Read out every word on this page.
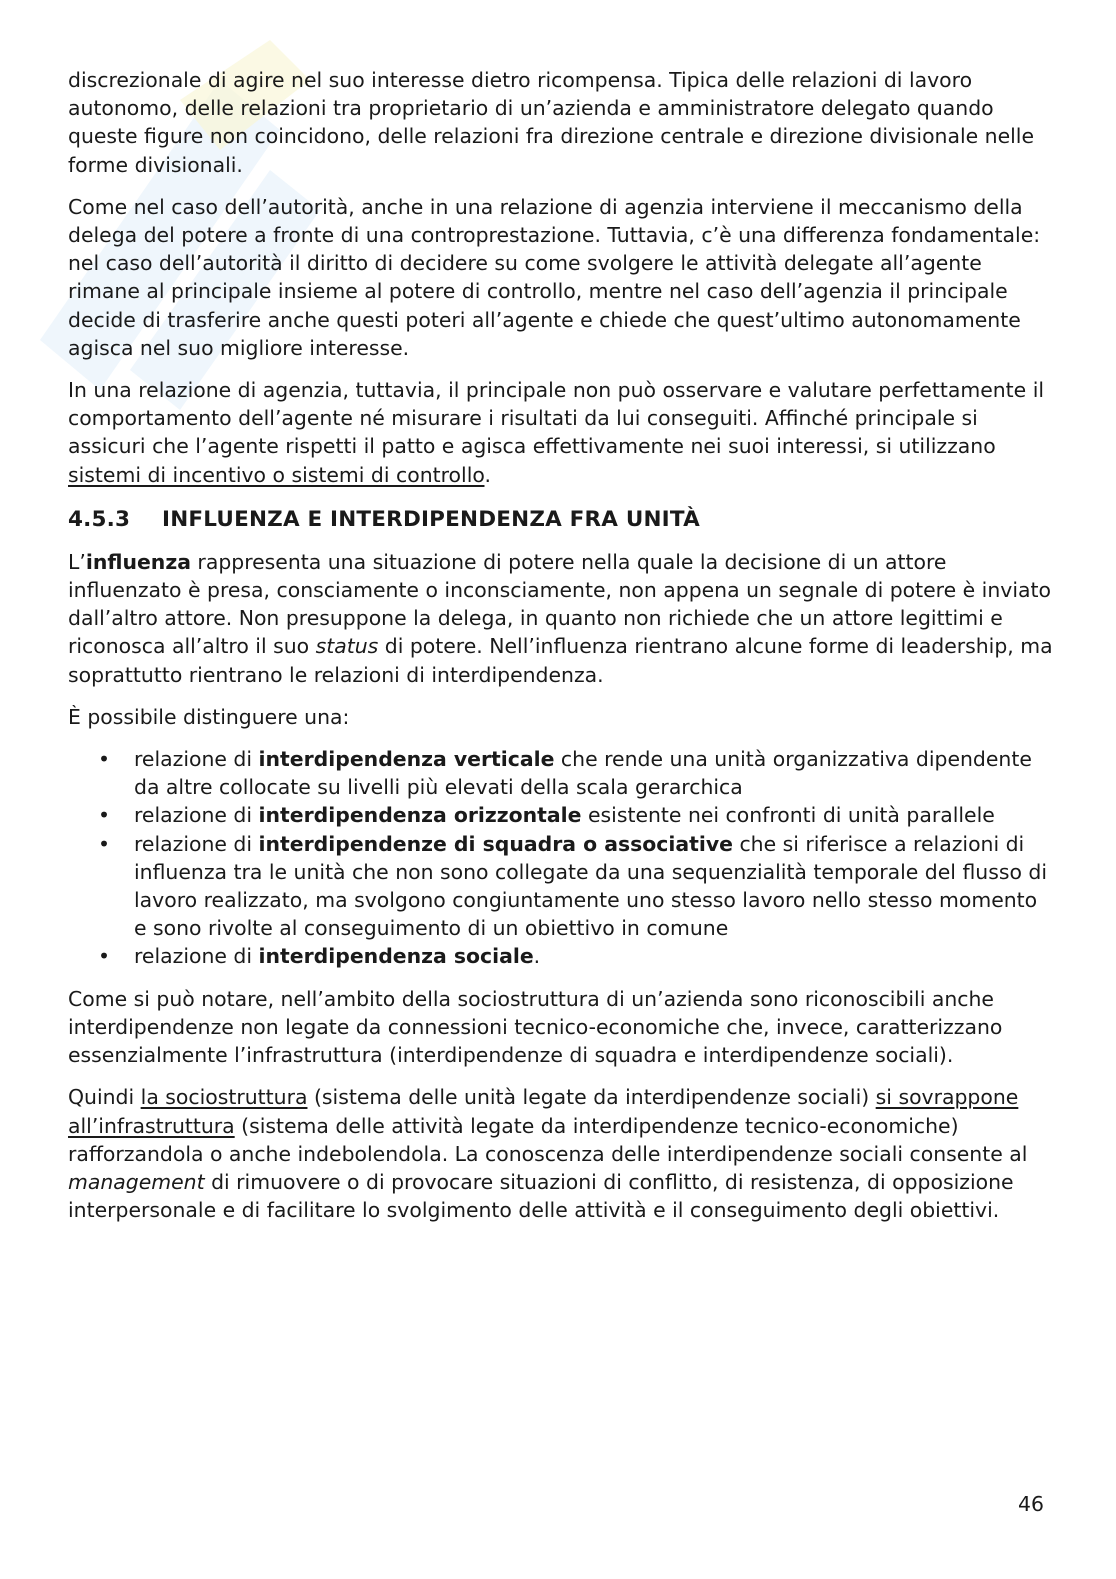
discrezionale di agire nel suo interesse dietro ricompensa. Tipica delle relazioni di lavoro autonomo, delle relazioni tra proprietario di un’azienda e amministratore delegato quando queste figure non coincidono, delle relazioni fra direzione centrale e direzione divisionale nelle forme divisionali.

Come nel caso dell’autorità, anche in una relazione di agenzia interviene il meccanismo della delega del potere a fronte di una controprestazione. Tuttavia, c’è una differenza fondamentale: nel caso dell’autorità il diritto di decidere su come svolgere le attività delegate all’agente rimane al principale insieme al potere di controllo, mentre nel caso dell’agenzia il principale decide di trasferire anche questi poteri all’agente e chiede che quest’ultimo autonomamente agisca nel suo migliore interesse.

In una relazione di agenzia, tuttavia, il principale non può osservare e valutare perfettamente il comportamento dell’agente né misurare i risultati da lui conseguiti. Affinché principale si assicuri che l’agente rispetti il patto e agisca effettivamente nei suoi interessi, si utilizzano sistemi di incentivo o sistemi di controllo.

4.5.3 INFLUENZA E INTERDIPENDENZA FRA UNITÀ

L’influenza rappresenta una situazione di potere nella quale la decisione di un attore influenzato è presa, consciamente o inconsciamente, non appena un segnale di potere è inviato dall’altro attore. Non presuppone la delega, in quanto non richiede che un attore legittimi e riconosca all’altro il suo status di potere. Nell’influenza rientrano alcune forme di leadership, ma soprattutto rientrano le relazioni di interdipendenza.

È possibile distinguere una:

• relazione di interdipendenza verticale che rende una unità organizzativa dipendente da altre collocate su livelli più elevati della scala gerarchica
• relazione di interdipendenza orizzontale esistente nei confronti di unità parallele
• relazione di interdipendenze di squadra o associative che si riferisce a relazioni di influenza tra le unità che non sono collegate da una sequenzialità temporale del flusso di lavoro realizzato, ma svolgono congiuntamente uno stesso lavoro nello stesso momento e sono rivolte al conseguimento di un obiettivo in comune
• relazione di interdipendenza sociale.

Come si può notare, nell’ambito della sociostruttura di un’azienda sono riconoscibili anche interdipendenze non legate da connessioni tecnico-economiche che, invece, caratterizzano essenzialmente l’infrastruttura (interdipendenze di squadra e interdipendenze sociali).

Quindi la sociostruttura (sistema delle unità legate da interdipendenze sociali) si sovrappone all’infrastruttura (sistema delle attività legate da interdipendenze tecnico-economiche) rafforzandola o anche indebolendola. La conoscenza delle interdipendenze sociali consente al management di rimuovere o di provocare situazioni di conflitto, di resistenza, di opposizione interpersonale e di facilitare lo svolgimento delle attività e il conseguimento degli obiettivi.

46
